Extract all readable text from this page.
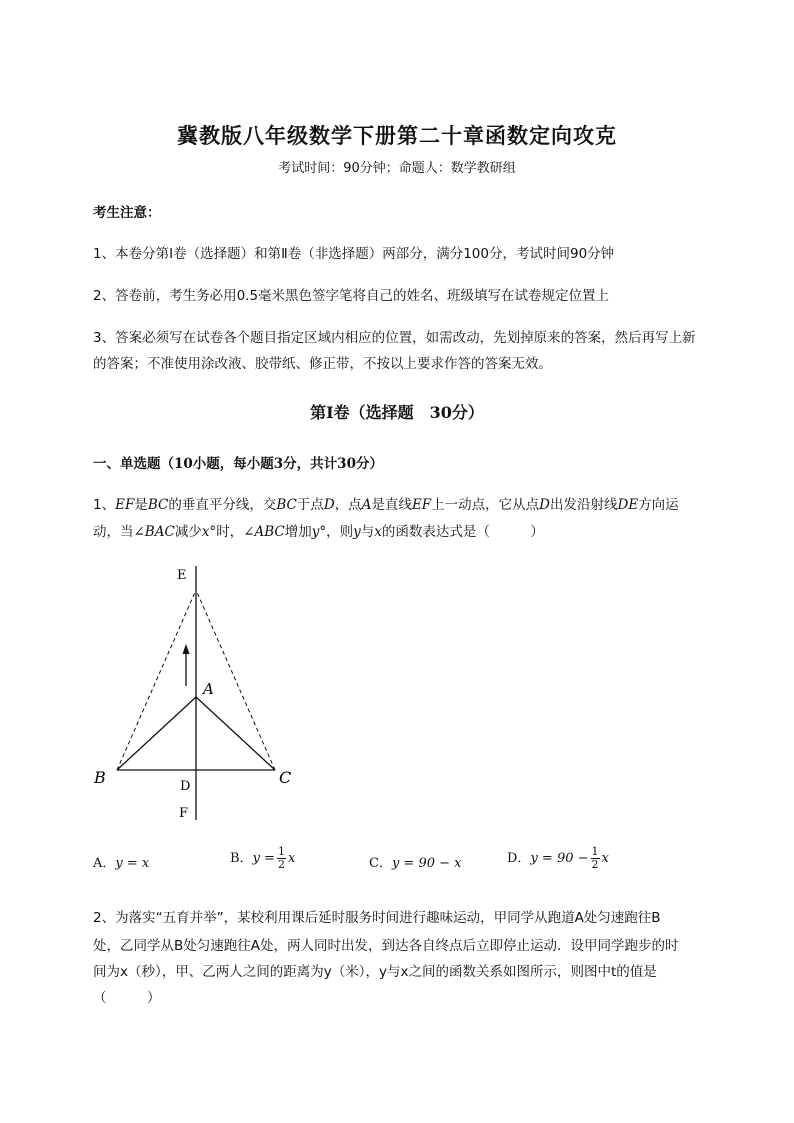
冀教版八年级数学下册第二十章函数定向攻克
考试时间：90分钟；命题人：数学教研组
考生注意：
1、本卷分第I卷（选择题）和第Ⅱ卷（非选择题）两部分，满分100分，考试时间90分钟
2、答卷前，考生务必用0.5毫米黑色签字笔将自己的姓名、班级填写在试卷规定位置上
3、答案必须写在试卷各个题目指定区域内相应的位置，如需改动，先划掉原来的答案，然后再写上新
的答案；不准使用涂改液、胶带纸、修正带，不按以上要求作答的答案无效。
第I卷（选择题　30分）
一、单选题（10小题，每小题3分，共计30分）
1、EF是BC的垂直平分线，交BC于点D，点A是直线EF上一动点，它从点D出发沿射线DE方向运
动，当∠BAC减少x°时，∠ABC增加y°，则y与x的函数表达式是（　　　）
E
A
B	D	C
F
A．y = x	B．$y = \frac{1}{2}$ x	C．y = 90 − x	D．$y = 90 - \frac{1}{2}$ x
2、为落实“五育并举”，某校利用课后延时服务时间进行趣味运动，甲同学从跑道A处匀速跑往B
处，乙同学从B处匀速跑往A处，两人同时出发，到达各自终点后立即停止运动．设甲同学跑步的时
间为x（秒），甲、乙两人之间的距离为y（米），y与x之间的函数关系如图所示，则图中t的值是
（　　　）
